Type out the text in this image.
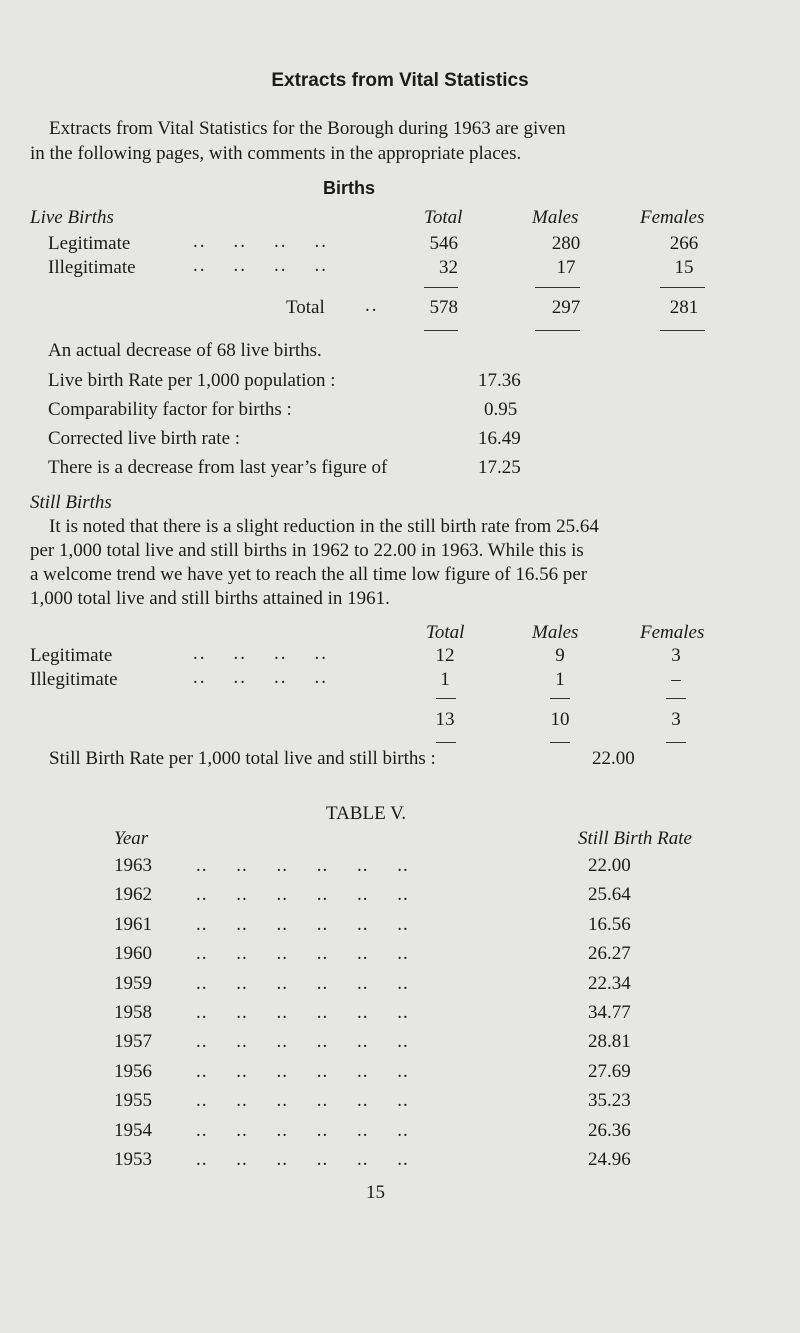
Extracts from Vital Statistics
Extracts from Vital Statistics for the Borough during 1963 are given
in the following pages, with comments in the appropriate places.
Births
Live Births	Total	Males	Females
Legitimate	..    ..    ..    ..	546	280	266
Illegitimate	..    ..    ..    ..	32	17	15
Total ..	578	297	281
An actual decrease of 68 live births.
Live birth Rate per 1,000 population :	17.36
Comparability factor for births :	0.95
Corrected live birth rate :	16.49
There is a decrease from last year’s figure of	17.25
Still Births
It is noted that there is a slight reduction in the still birth rate from 25.64
per 1,000 total live and still births in 1962 to 22.00 in 1963. While this is
a welcome trend we have yet to reach the all time low figure of 16.56 per
1,000 total live and still births attained in 1961.
Total	Males	Females
Legitimate	..    ..    ..    ..	12	9	3
Illegitimate	..    ..    ..    ..	1	1	–
13	10	3
Still Birth Rate per 1,000 total live and still births :	22.00
TABLE V.
Year	Still Birth Rate
1963 ..     ..     ..     ..     ..     ..	22.00
1962 ..     ..     ..     ..     ..     ..	25.64
1961 ..     ..     ..     ..     ..     ..	16.56
1960 ..     ..     ..     ..     ..     ..	26.27
1959 ..     ..     ..     ..     ..     ..	22.34
1958 ..     ..     ..     ..     ..     ..	34.77
1957 ..     ..     ..     ..     ..     ..	28.81
1956 ..     ..     ..     ..     ..     ..	27.69
1955 ..     ..     ..     ..     ..     ..	35.23
1954 ..     ..     ..     ..     ..     ..	26.36
1953 ..     ..     ..     ..     ..     ..	24.96
15
